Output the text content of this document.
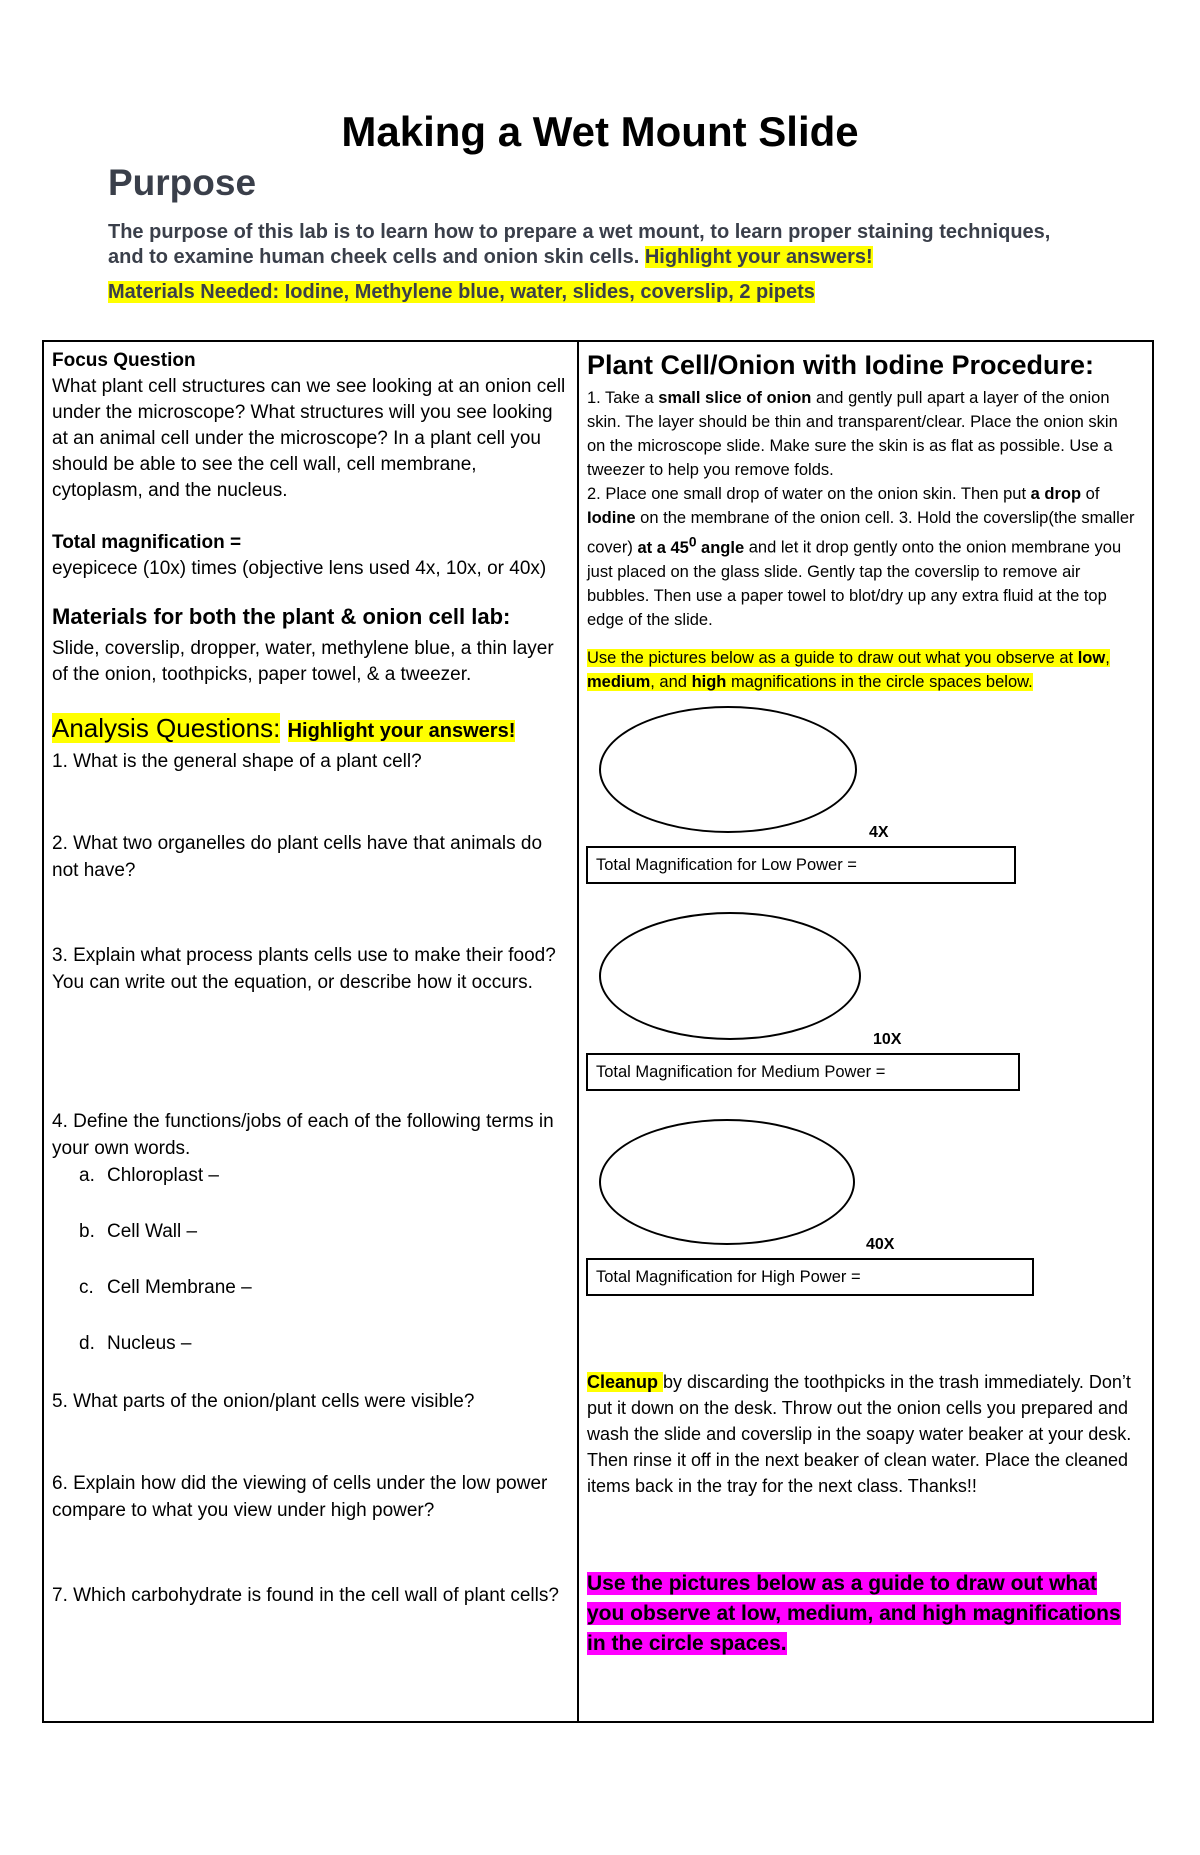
Making a Wet Mount Slide
Purpose

The purpose of this lab is to learn how to prepare a wet mount, to learn proper staining techniques, and to examine human cheek cells and onion skin cells. Highlight your answers!

Materials Needed: Iodine, Methylene blue, water, slides, coverslip, 2 pipets

Focus Question
What plant cell structures can we see looking at an onion cell under the microscope? What structures will you see looking at an animal cell under the microscope? In a plant cell you should be able to see the cell wall, cell membrane, cytoplasm, and the nucleus.
Total magnification =
eyepicece (10x) times (objective lens used 4x, 10x, or 40x)
Materials for both the plant & onion cell lab:
Slide, coverslip, dropper, water, methylene blue, a thin layer of the onion, toothpicks, paper towel, & a tweezer.
Analysis Questions: Highlight your answers!
1. What is the general shape of a plant cell?
2. What two organelles do plant cells have that animals do not have?
3. Explain what process plants cells use to make their food? You can write out the equation, or describe how it occurs.
4. Define the functions/jobs of each of the following terms in your own words.
a. Chloroplast –
b. Cell Wall –
c. Cell Membrane –
d. Nucleus –
5. What parts of the onion/plant cells were visible?
6. Explain how did the viewing of cells under the low power compare to what you view under high power?
7. Which carbohydrate is found in the cell wall of plant cells?
Plant Cell/Onion with Iodine Procedure:
1. Take a small slice of onion and gently pull apart a layer of the onion skin. The layer should be thin and transparent/clear. Place the onion skin on the microscope slide. Make sure the skin is as flat as possible. Use a tweezer to help you remove folds.
2. Place one small drop of water on the onion skin. Then put a drop of Iodine on the membrane of the onion cell. 3. Hold the coverslip(the smaller cover) at a $45^0$ angle and let it drop gently onto the onion membrane you just placed on the glass slide. Gently tap the coverslip to remove air bubbles. Then use a paper towel to blot/dry up any extra fluid at the top edge of the slide.
Use the pictures below as a guide to draw out what you observe at low, medium, and high magnifications in the circle spaces below.
4X
Total Magnification for Low Power =
10X
Total Magnification for Medium Power =
40X
Total Magnification for High Power =
Cleanup by discarding the toothpicks in the trash immediately. Don’t put it down on the desk. Throw out the onion cells you prepared and wash the slide and coverslip in the soapy water beaker at your desk. Then rinse it off in the next beaker of clean water. Place the cleaned items back in the tray for the next class. Thanks!!
Use the pictures below as a guide to draw out what you observe at low, medium, and high magnifications in the circle spaces.
